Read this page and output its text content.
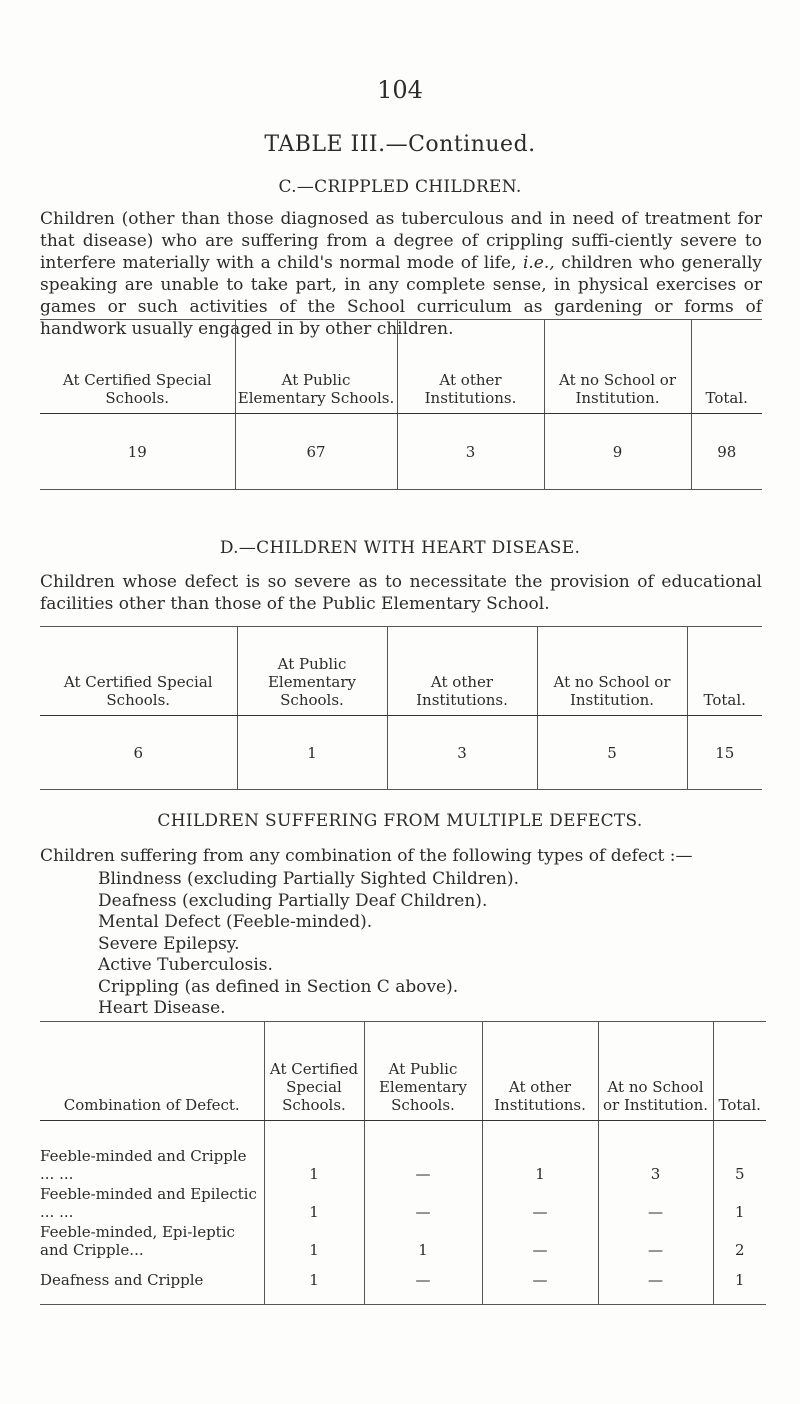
104
TABLE III.—Continued.
C.—CRIPPLED CHILDREN.
Children (other than those diagnosed as tuberculous and in need of treatment for that disease) who are suffering from a degree of crippling suffi-ciently severe to interfere materially with a child's normal mode of life, i.e., children who generally speaking are unable to take part, in any complete sense, in physical exercises or games or such activities of the School curriculum as gardening or forms of handwork usually engaged in by other children.
At Certified Special Schools.	At Public Elementary Schools.	At other Institutions.	At no School or Institution.	Total.
19	67	3	9	98
D.—CHILDREN WITH HEART DISEASE.
Children whose defect is so severe as to necessitate the provision of educational facilities other than those of the Public Elementary School.
At Certified Special Schools.	At Public Elementary Schools.	At other Institutions.	At no School or Institution.	Total.
6	1	3	5	15
CHILDREN SUFFERING FROM MULTIPLE DEFECTS.
Children suffering from any combination of the following types of defect :—
Blindness (excluding Partially Sighted Children).
Deafness (excluding Partially Deaf Children).
Mental Defect (Feeble-minded).
Severe Epilepsy.
Active Tuberculosis.
Crippling (as defined in Section C above).
Heart Disease.
Combination of Defect.	At Certified Special Schools.	At Public Elementary Schools.	At other Institutions.	At no School or Institution.	Total.
Feeble-minded and Cripple ... ...	1	—	1	3	5
Feeble-minded and Epilectic ... ...	1	—	—	—	1
Feeble-minded, Epi-leptic and Cripple...	1	1	—	—	2
Deafness and Cripple	1	—	—	—	1
